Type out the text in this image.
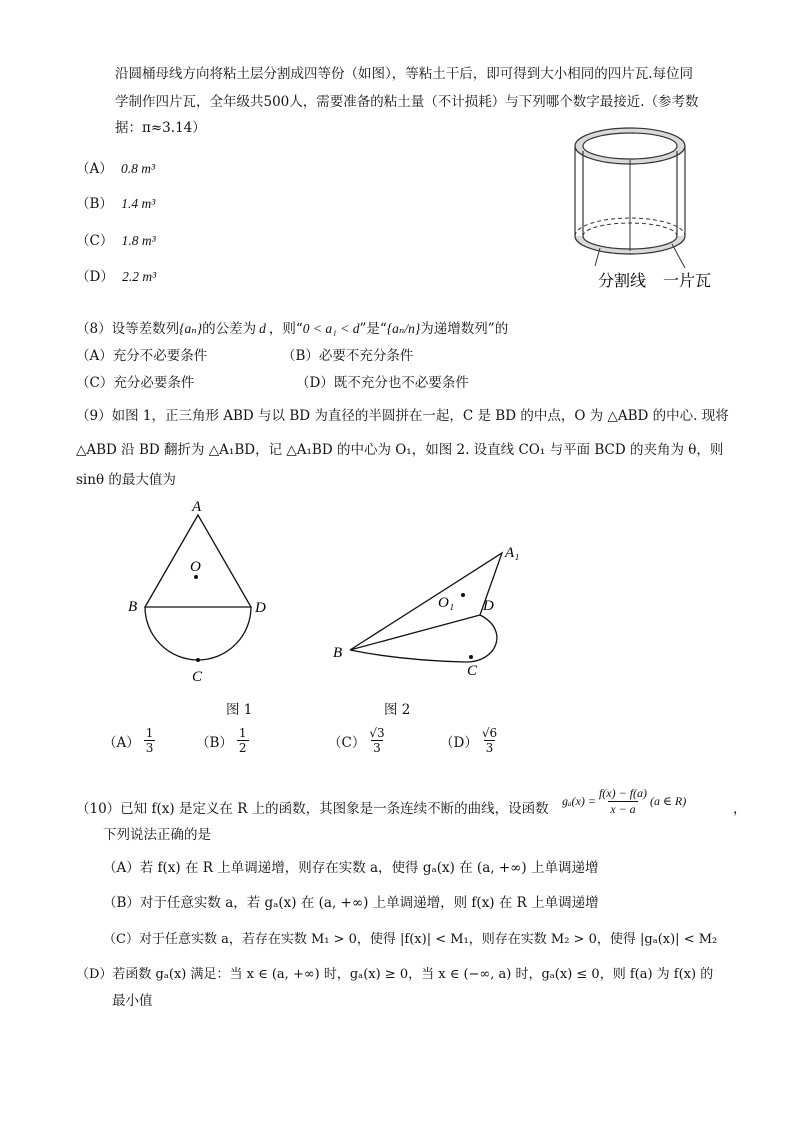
沿圆桶母线方向将粘土层分割成四等份（如图），等粘土干后，即可得到大小相同的四片瓦.每位同
学制作四片瓦，全年级共500人，需要准备的粘土量（不计损耗）与下列哪个数字最接近.（参考数
据：π≈3.14）
（A） 0.8 m³
（B） 1.4 m³
（C） 1.8 m³
（D） 2.2 m³	分割线 一片瓦
（8）设等差数列{aₙ}的公差为 d ，则“0 < a₁ < d”是“{aₙ/n}为递增数列”的
（A）充分不必要条件	（B）必要不充分条件
（C）充分必要条件	（D）既不充分也不必要条件
（9）如图 1，正三角形 ABD 与以 BD 为直径的半圆拼在一起，C 是 BD 的中点，O 为 △ABD 的中心. 现将
△ABD 沿 BD 翻折为 △A₁BD，记 △A₁BD 的中心为 O₁，如图 2. 设直线 CO₁ 与平面 BCD 的夹角为 θ，则
sinθ 的最大值为
A
O
B	D
C
图 1
A₁
O₁ D
B
C
图 2
$(A) \frac{1}{3}$	$(B) \frac{1}{2}$	$(C) \frac{√3}{3}$	$(D) \frac{√6}{3}$
（10）已知 f(x) 是定义在 R 上的函数，其图象是一条连续不断的曲线，设函数 $g_a(x) = \frac{f(x) - f(a)}{x - a} (a$ ∈ R)	，
下列说法正确的是
（A）若 f(x) 在 R 上单调递增，则存在实数 a，使得 gₐ(x) 在 (a, +∞) 上单调递增
（B）对于任意实数 a，若 gₐ(x) 在 (a, +∞) 上单调递增，则 f(x) 在 R 上单调递增
（C）对于任意实数 a，若存在实数 M₁ > 0，使得 |f(x)| < M₁，则存在实数 M₂ > 0，使得 |gₐ(x)| < M₂
（D）若函数 gₐ(x) 满足：当 x ∈ (a, +∞) 时，gₐ(x) ≥ 0，当 x ∈ (−∞, a) 时，gₐ(x) ≤ 0，则 f(a) 为 f(x) 的
最小值
